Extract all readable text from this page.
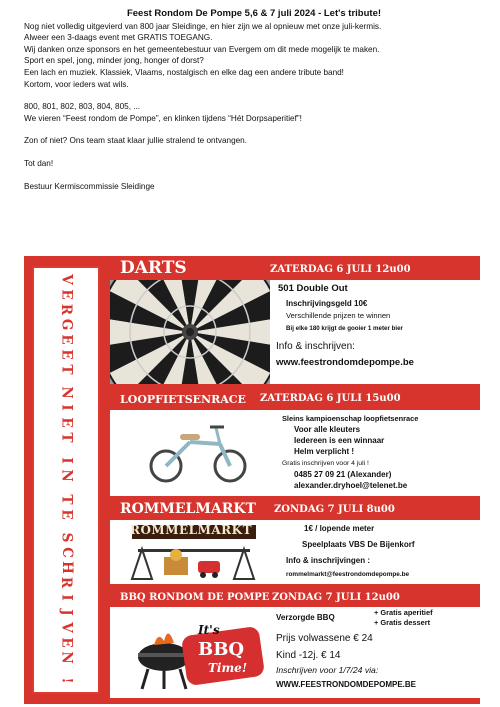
Feest Rondom De Pompe 5,6 & 7 juli 2024 - Let's tribute!

Nog niet volledig uitgevierd van 800 jaar Sleidinge, en hier zijn we al opnieuw met onze juli-kermis.

Alweer een 3-daags event met GRATIS TOEGANG.

Wij danken onze sponsors en het gemeentebestuur van Evergem om dit mede mogelijk te maken.

Sport en spel, jong, minder jong, honger of dorst?

Een lach en muziek. Klassiek, Vlaams, nostalgisch en elke dag een andere tribute band!

Kortom, voor ieders wat wils.

800, 801, 802, 803, 804, 805, ...

We vieren “Feest rondom de Pompe”, en klinken tijdens “Hét Dorpsaperitief”!

Zon of niet? Ons team staat klaar jullie stralend te ontvangen.

Tot dan!

Bestuur Kermiscommissie Sleidinge

V
E
R
G
E
E
T
N
I
E
T
I
N
T
E
S
C
H
R
I
J
V
E
N
!
DARTS	ZATERDAG 6 JULI 12u00
501 Double Out
Inschrijvingsgeld 10€
Verschillende prijzen te winnen
Bij elke 180 krijgt de gooier 1 meter bier
Info & inschrijven:
www.feestrondomdepompe.be
LOOPFIETSENRACE ZATERDAG 6 JULI 15u00
Sleins kampioenschap loopfietsenrace
Voor alle kleuters
Iedereen is een winnaar
Helm verplicht !
Gratis inschrijven voor 4 juli !
0485 27 09 21 (Alexander)
alexander.dryhoel@telenet.be
ROMMELMARKT ZONDAG 7 JULI 8u00
ROMMELMARKT	1€ / lopende meter
Speelplaats VBS De Bijenkorf
Info & inschrijvingen :
rommelmarkt@feestrondomdepompe.be
BBQ RONDOM DE POMPE ZONDAG 7 JULI 12u00
It's
BBQ
Time!
Verzorgde BBQ
+ Gratis aperitief
+ Gratis dessert
Prijs volwassene € 24
Kind -12j. € 14
Inschrijven voor 1/7/24 via:
WWW.FEESTRONDOMDEPOMPE.BE
